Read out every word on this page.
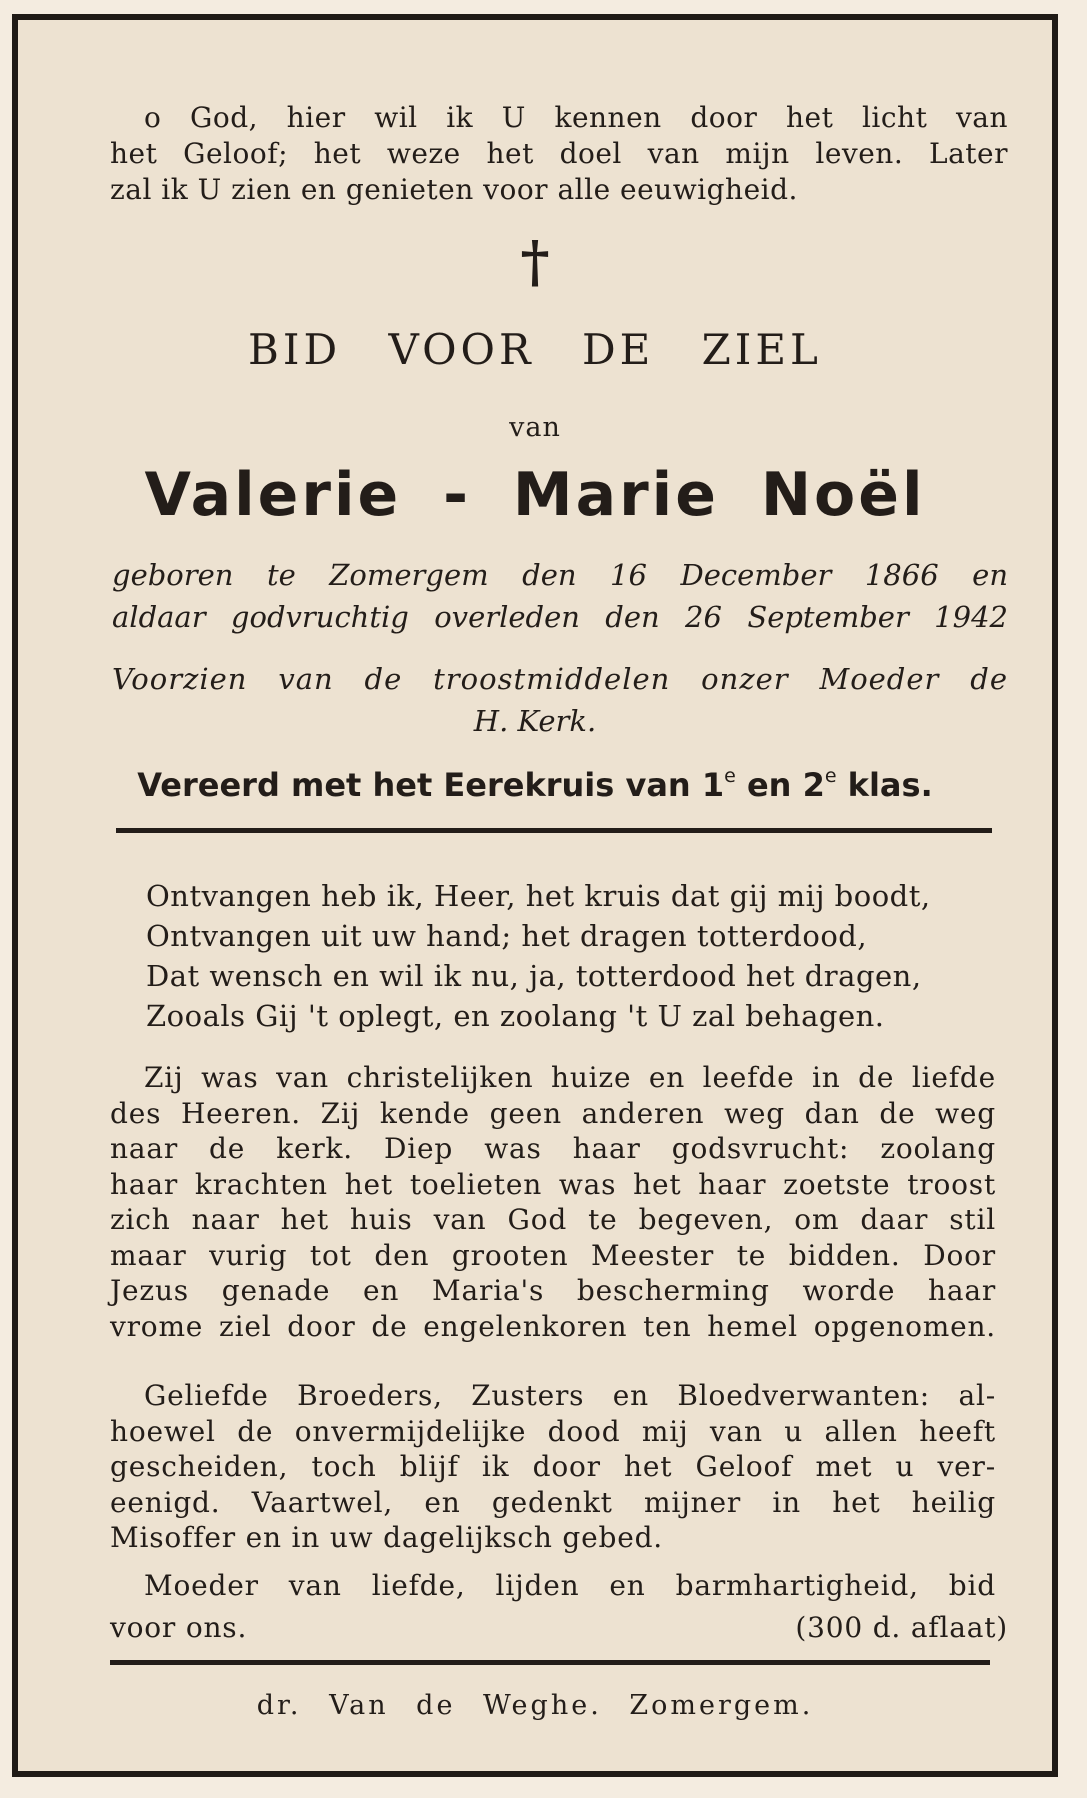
o God, hier wil ik U kennen door het licht van

het Geloof; het weze het doel van mijn leven. Later

zal ik U zien en genieten voor alle eeuwigheid.

†

BID VOOR DE ZIEL

van

Valerie - Marie Noël

geboren te Zomergem den 16 December 1866 en

aldaar godvruchtig overleden den 26 September 1942

Voorzien van de troostmiddelen onzer Moeder de

H. Kerk.

Vereerd met het Eerekruis van 1e en 2e klas.

Ontvangen heb ik, Heer, het kruis dat gij mij boodt,

Ontvangen uit uw hand; het dragen totterdood,

Dat wensch en wil ik nu, ja, totterdood het dragen,

Zooals Gij 't oplegt, en zoolang 't U zal behagen.

Zij was van christelijken huize en leefde in de liefde

des Heeren. Zij kende geen anderen weg dan de weg

naar de kerk. Diep was haar godsvrucht: zoolang

haar krachten het toelieten was het haar zoetste troost

zich naar het huis van God te begeven, om daar stil

maar vurig tot den grooten Meester te bidden. Door

Jezus genade en Maria's bescherming worde haar

vrome ziel door de engelenkoren ten hemel opgenomen.

Geliefde Broeders, Zusters en Bloedverwanten: al-

hoewel de onvermijdelijke dood mij van u allen heeft

gescheiden, toch blijf ik door het Geloof met u ver-

eenigd. Vaartwel, en gedenkt mijner in het heilig

Misoffer en in uw dagelijksch gebed.

Moeder van liefde, lijden en barmhartigheid, bid

voor ons.	(300 d. aflaat)

dr. Van de Weghe. Zomergem.
